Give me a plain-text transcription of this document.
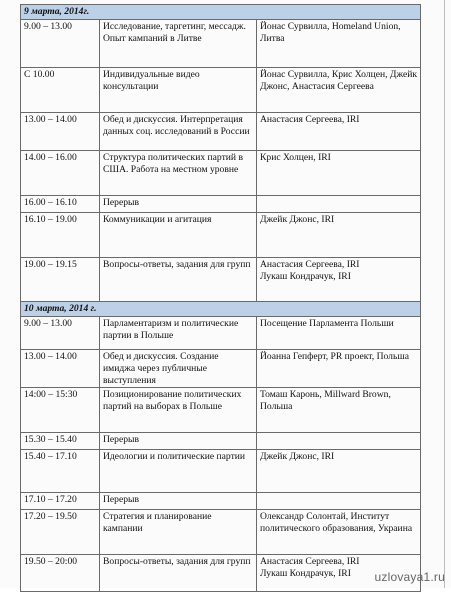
9 марта, 2014г.		
9.00 – 13.00	Исследование, таргетинг, мессадж. Опыт кампаний в Литве	Йонас Сурвилла, Homeland Union, Литва
С 10.00	Индивидуальные видео консультации	Йонас Сурвилла, Крис Холцен, Джейк Джонс, Анастасия Сергеева
13.00 – 14.00	Обед и дискуссия. Интерпретация данных соц. исследований в России	Анастасия Сергеева, IRI
14.00 – 16.00	Структура политических партий в США. Работа на местном уровне	Крис Холцен, IRI
16.00 – 16.10	Перерыв	
16.10 – 19.00	Коммуникации и агитация	Джейк Джонс, IRI
19.00 – 19.15	Вопросы-ответы, задания для групп	Анастасия Сергеева, IRI
Лукаш Кондрачук, IRI
10 марта, 2014 г.		
9.00 – 13.00	Парламентаризм и политические партии в Польше	Посещение Парламента Польши
13.00 – 14.00	Обед и дискуссия. Создание имиджа через публичные выступления	Йоанна Гепферт, PR проект, Польша
14:00 – 15:30	Позиционирование политических партий на выборах в Польше	Томаш Каронь, Millward Brown, Польша
15.30 – 15.40	Перерыв	
15.40 – 17.10	Идеологии и политические партии	Джейк Джонс, IRI
17.10 – 17.20	Перерыв	
17.20 – 19.50	Стратегия и планирование кампании	Олександр Солонтай, Институт политического образования, Украина
19.50 – 20:00	Вопросы-ответы, задания для групп	Анастасия Сергеева, IRI
Лукаш Кондрачук, IRI uzlovaya1.ru
